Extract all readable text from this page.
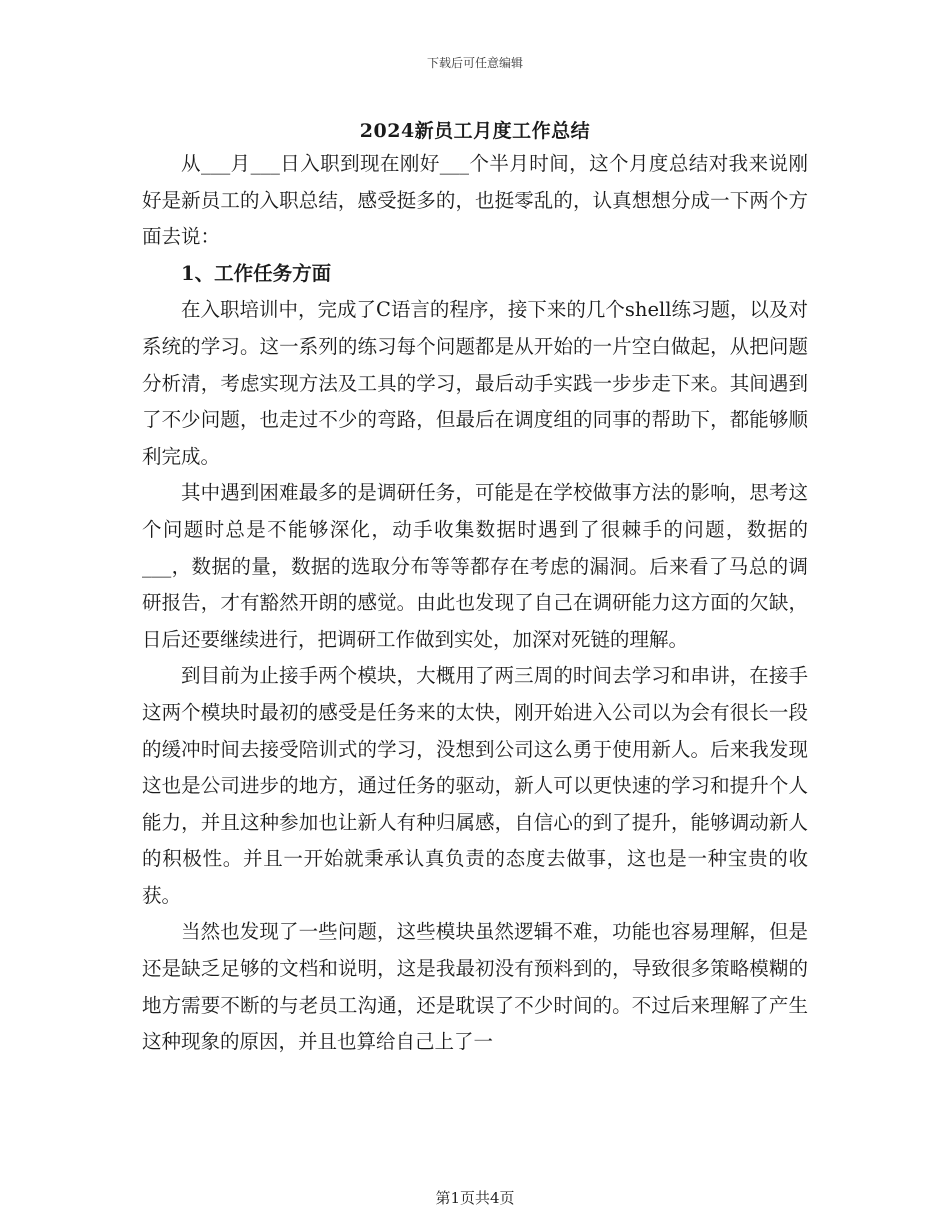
下载后可任意编辑
2024新员工月度工作总结

从___月___日入职到现在刚好___个半月时间，这个月度总结对我来说刚好是新员工的入职总结，感受挺多的，也挺零乱的，认真想想分成一下两个方面去说：

1、工作任务方面

在入职培训中，完成了C语言的程序，接下来的几个shell练习题，以及对系统的学习。这一系列的练习每个问题都是从开始的一片空白做起，从把问题分析清，考虑实现方法及工具的学习，最后动手实践一步步走下来。其间遇到了不少问题，也走过不少的弯路，但最后在调度组的同事的帮助下，都能够顺利完成。

其中遇到困难最多的是调研任务，可能是在学校做事方法的影响，思考这个问题时总是不能够深化，动手收集数据时遇到了很棘手的问题，数据的___，数据的量，数据的选取分布等等都存在考虑的漏洞。后来看了马总的调研报告，才有豁然开朗的感觉。由此也发现了自己在调研能力这方面的欠缺，日后还要继续进行，把调研工作做到实处，加深对死链的理解。

到目前为止接手两个模块，大概用了两三周的时间去学习和串讲，在接手这两个模块时最初的感受是任务来的太快，刚开始进入公司以为会有很长一段的缓冲时间去接受陪训式的学习，没想到公司这么勇于使用新人。后来我发现这也是公司进步的地方，通过任务的驱动，新人可以更快速的学习和提升个人能力，并且这种参加也让新人有种归属感，自信心的到了提升，能够调动新人的积极性。并且一开始就秉承认真负责的态度去做事，这也是一种宝贵的收获。

当然也发现了一些问题，这些模块虽然逻辑不难，功能也容易理解，但是还是缺乏足够的文档和说明，这是我最初没有预料到的，导致很多策略模糊的地方需要不断的与老员工沟通，还是耽误了不少时间的。不过后来理解了产生这种现象的原因，并且也算给自己上了一

第1页共4页
